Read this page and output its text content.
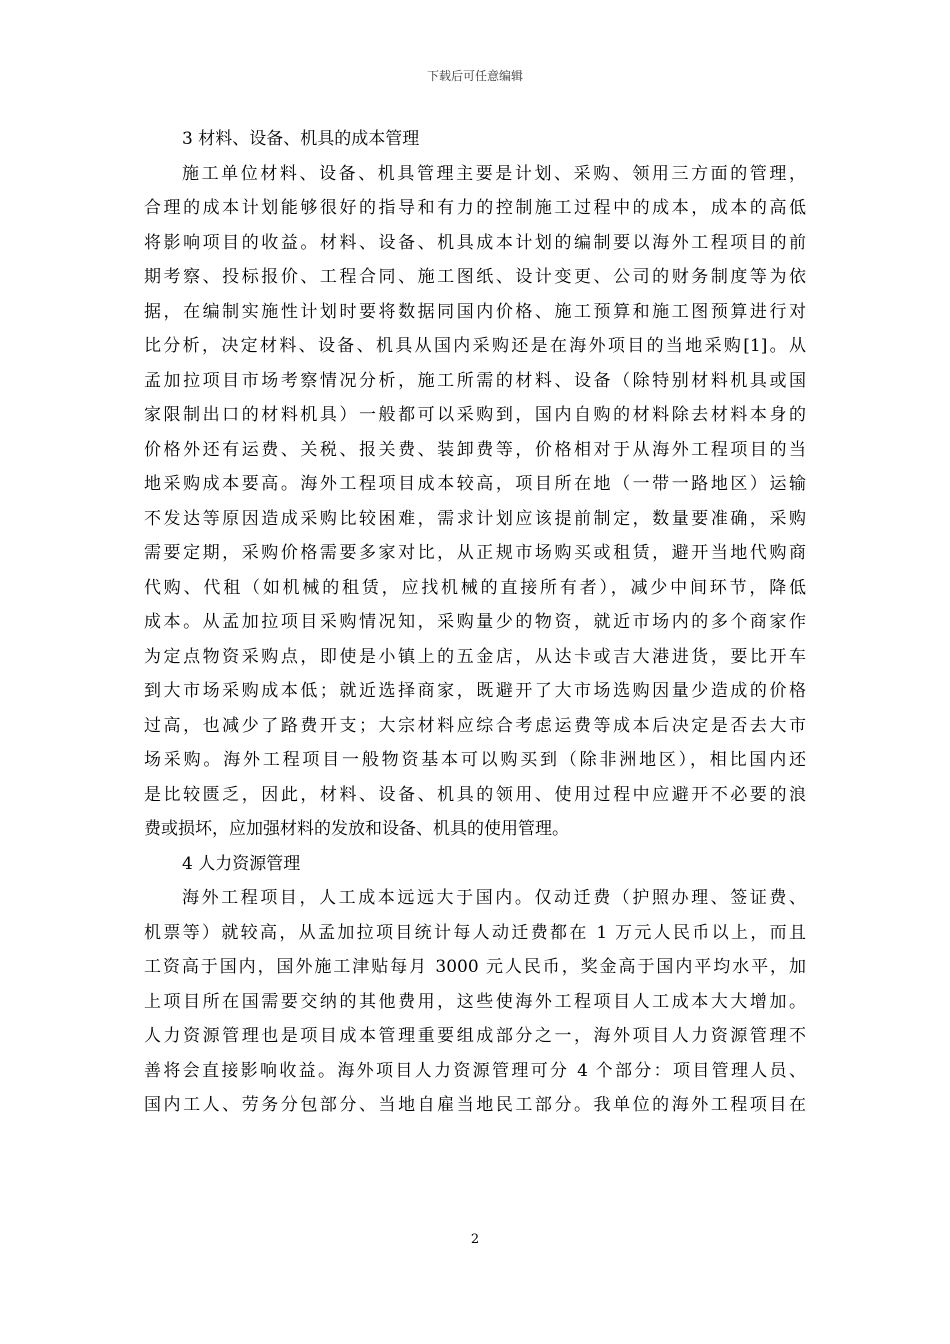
下载后可任意编辑
3 材料、设备、机具的成本管理

施工单位材料、设备、机具管理主要是计划、采购、领用三方面的管理，
合理的成本计划能够很好的指导和有力的控制施工过程中的成本，成本的高低
将影响项目的收益。材料、设备、机具成本计划的编制要以海外工程项目的前
期考察、投标报价、工程合同、施工图纸、设计变更、公司的财务制度等为依
据，在编制实施性计划时要将数据同国内价格、施工预算和施工图预算进行对
比分析，决定材料、设备、机具从国内采购还是在海外项目的当地采购[1]。从
孟加拉项目市场考察情况分析，施工所需的材料、设备（除特别材料机具或国
家限制出口的材料机具）一般都可以采购到，国内自购的材料除去材料本身的
价格外还有运费、关税、报关费、装卸费等，价格相对于从海外工程项目的当
地采购成本要高。海外工程项目成本较高，项目所在地（一带一路地区）运输
不发达等原因造成采购比较困难，需求计划应该提前制定，数量要准确，采购
需要定期，采购价格需要多家对比，从正规市场购买或租赁，避开当地代购商
代购、代租（如机械的租赁，应找机械的直接所有者），减少中间环节，降低
成本。从孟加拉项目采购情况知，采购量少的物资，就近市场内的多个商家作
为定点物资采购点，即使是小镇上的五金店，从达卡或吉大港进货，要比开车
到大市场采购成本低；就近选择商家，既避开了大市场选购因量少造成的价格
过高，也减少了路费开支；大宗材料应综合考虑运费等成本后决定是否去大市
场采购。海外工程项目一般物资基本可以购买到（除非洲地区），相比国内还
是比较匮乏，因此，材料、设备、机具的领用、使用过程中应避开不必要的浪
费或损坏，应加强材料的发放和设备、机具的使用管理。

4 人力资源管理

海外工程项目，人工成本远远大于国内。仅动迁费（护照办理、签证费、
机票等）就较高，从孟加拉项目统计每人动迁费都在 1 万元人民币以上，而且
工资高于国内，国外施工津贴每月 3000 元人民币，奖金高于国内平均水平，加
上项目所在国需要交纳的其他费用，这些使海外工程项目人工成本大大增加。
人力资源管理也是项目成本管理重要组成部分之一，海外项目人力资源管理不
善将会直接影响收益。海外项目人力资源管理可分 4 个部分：项目管理人员、
国内工人、劳务分包部分、当地自雇当地民工部分。我单位的海外工程项目在

2
